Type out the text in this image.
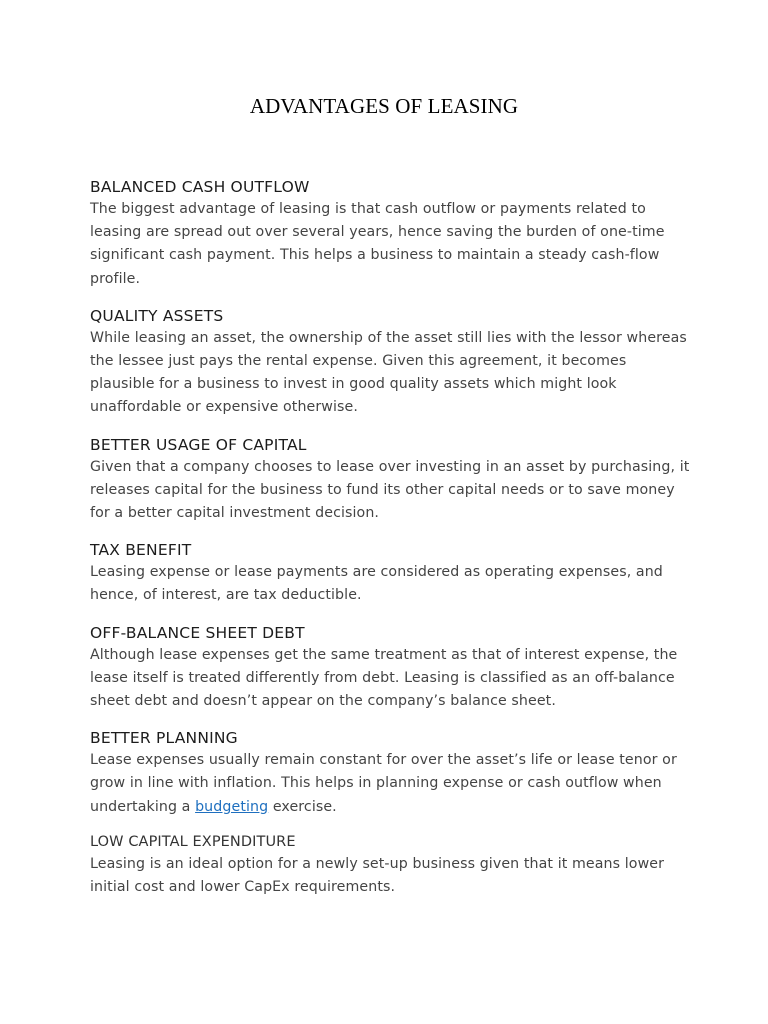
ADVANTAGES OF LEASING
BALANCED CASH OUTFLOW

The biggest advantage of leasing is that cash outflow or payments related to leasing are spread out over several years, hence saving the burden of one-time significant cash payment. This helps a business to maintain a steady cash-flow profile.

QUALITY ASSETS

While leasing an asset, the ownership of the asset still lies with the lessor whereas the lessee just pays the rental expense. Given this agreement, it becomes plausible for a business to invest in good quality assets which might look unaffordable or expensive otherwise.

BETTER USAGE OF CAPITAL

Given that a company chooses to lease over investing in an asset by purchasing, it releases capital for the business to fund its other capital needs or to save money for a better capital investment decision.

TAX BENEFIT

Leasing expense or lease payments are considered as operating expenses, and hence, of interest, are tax deductible.

OFF-BALANCE SHEET DEBT

Although lease expenses get the same treatment as that of interest expense, the lease itself is treated differently from debt. Leasing is classified as an off-balance sheet debt and doesn’t appear on the company’s balance sheet.

BETTER PLANNING

Lease expenses usually remain constant for over the asset’s life or lease tenor or grow in line with inflation. This helps in planning expense or cash outflow when undertaking a budgeting exercise.

LOW CAPITAL EXPENDITURE

Leasing is an ideal option for a newly set-up business given that it means lower initial cost and lower CapEx requirements.
